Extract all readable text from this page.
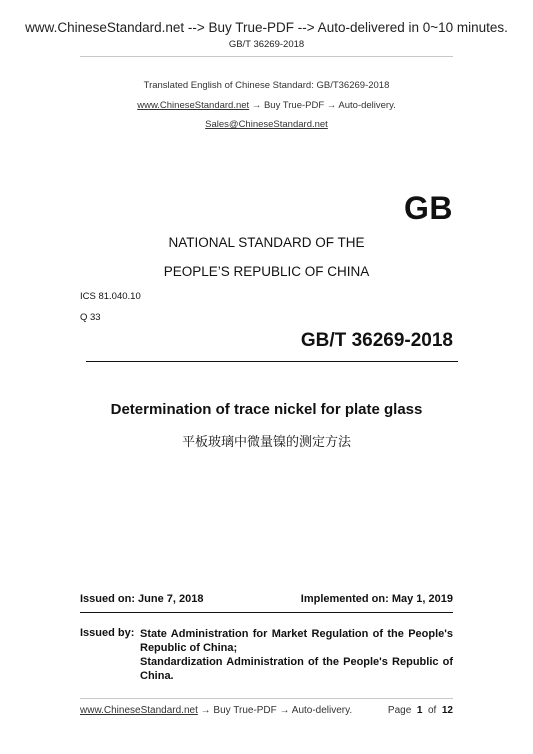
www.ChineseStandard.net --> Buy True-PDF --> Auto-delivered in 0~10 minutes.
GB/T 36269-2018
Translated English of Chinese Standard: GB/T36269-2018
www.ChineseStandard.net → Buy True-PDF → Auto-delivery.
Sales@ChineseStandard.net
GB
NATIONAL STANDARD OF THE
PEOPLE’S REPUBLIC OF CHINA
ICS 81.040.10
Q 33
GB/T 36269-2018
Determination of trace nickel for plate glass
平板玻璃中微量镍的测定方法
Issued on: June 7, 2018	Implemented on: May 1, 2019
Issued by: State Administration for Market Regulation of the People's
Republic of China;
Standardization Administration of the People's Republic of
China.
www.ChineseStandard.net → Buy True-PDF → Auto-delivery.	Page 1 of 12
